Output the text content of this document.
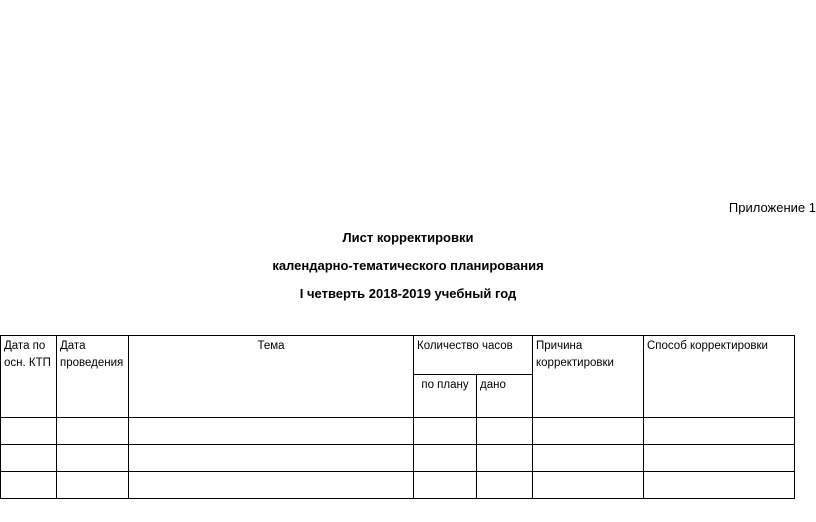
Приложение 1
Лист корректировки
календарно-тематического планирования
I четверть 2018-2019 учебный год
Дата по осн. КТП	Дата проведения	Тема	Количество часов		Причина корректировки	Способ корректировки
			по плану	дано		
